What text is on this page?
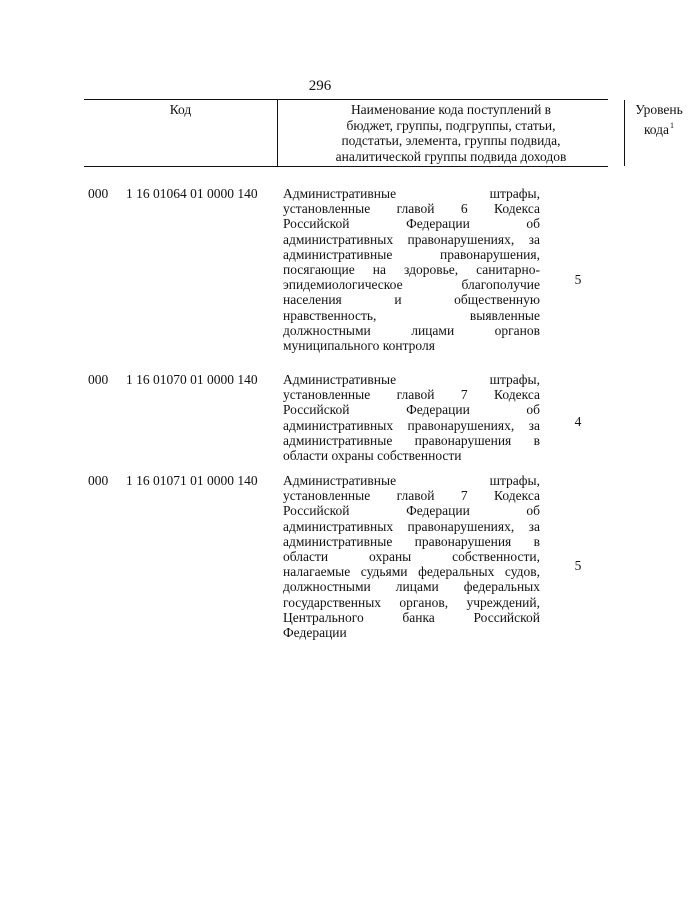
296
Код	Наименование кода поступлений в
бюджет, группы, подгруппы, статьи,
подстатьи, элемента, группы подвида,
аналитической группы подвида доходов
Уровень
кода$^1$
000 1 16 01064 01 0000 140 Административные штрафы,
установленные главой 6 Кодекса
Российской Федерации об
административных правонарушениях, за
административные правонарушения,
посягающие на здоровье, санитарно-
эпидемиологическое благополучие
населения и общественную
нравственность, выявленные
должностными лицами органов
муниципального контроля
5
000 1 16 01070 01 0000 140 Административные штрафы,
установленные главой 7 Кодекса
Российской Федерации об
административных правонарушениях, за
административные правонарушения в
области охраны собственности
4
000 1 16 01071 01 0000 140 Административные штрафы,
установленные главой 7 Кодекса
Российской Федерации об
административных правонарушениях, за
административные правонарушения в
области охраны собственности,
налагаемые судьями федеральных судов,
должностными лицами федеральных
государственных органов, учреждений,
Центрального банка Российской
Федерации
5
